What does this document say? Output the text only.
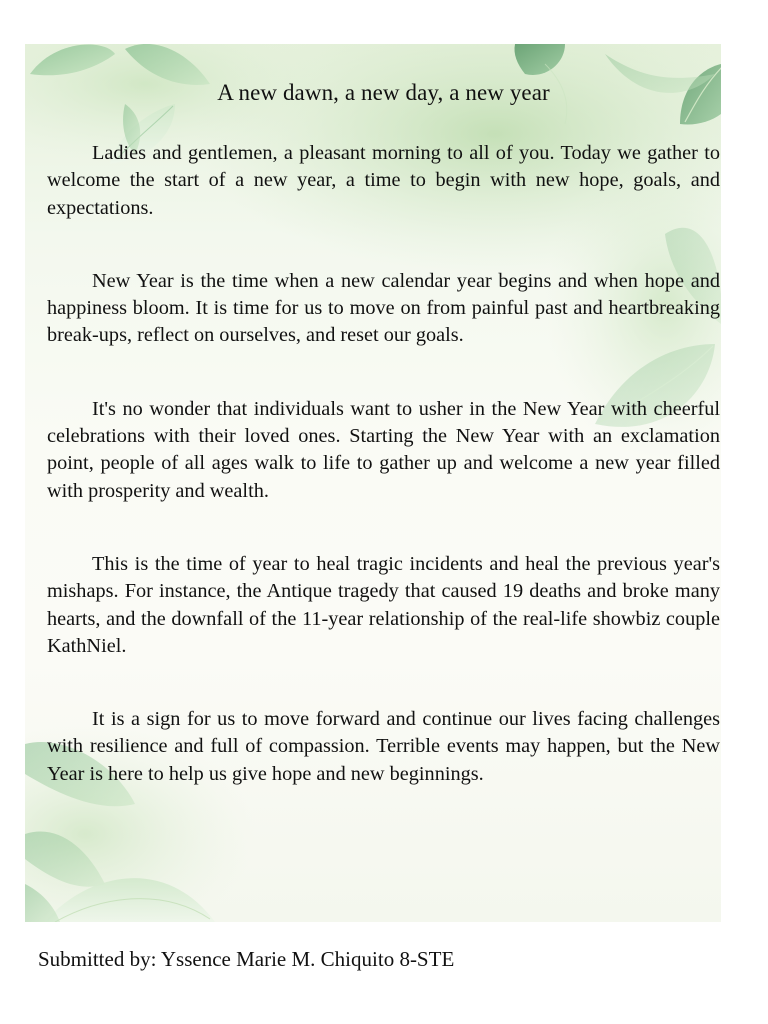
A new dawn, a new day, a new year

Ladies and gentlemen, a pleasant morning to all of you. Today we gather to welcome the start of a new year, a time to begin with new hope, goals, and expectations.

New Year is the time when a new calendar year begins and when hope and happiness bloom. It is time for us to move on from painful past and heartbreaking break-ups, reflect on ourselves, and reset our goals.

It's no wonder that individuals want to usher in the New Year with cheerful celebrations with their loved ones. Starting the New Year with an exclamation point, people of all ages walk to life to gather up and welcome a new year filled with prosperity and wealth.

This is the time of year to heal tragic incidents and heal the previous year's mishaps. For instance, the Antique tragedy that caused 19 deaths and broke many hearts, and the downfall of the 11-year relationship of the real-life showbiz couple KathNiel.

It is a sign for us to move forward and continue our lives facing challenges with resilience and full of compassion. Terrible events may happen, but the New Year is here to help us give hope and new beginnings.

Submitted by: Yssence Marie M. Chiquito 8-STE
